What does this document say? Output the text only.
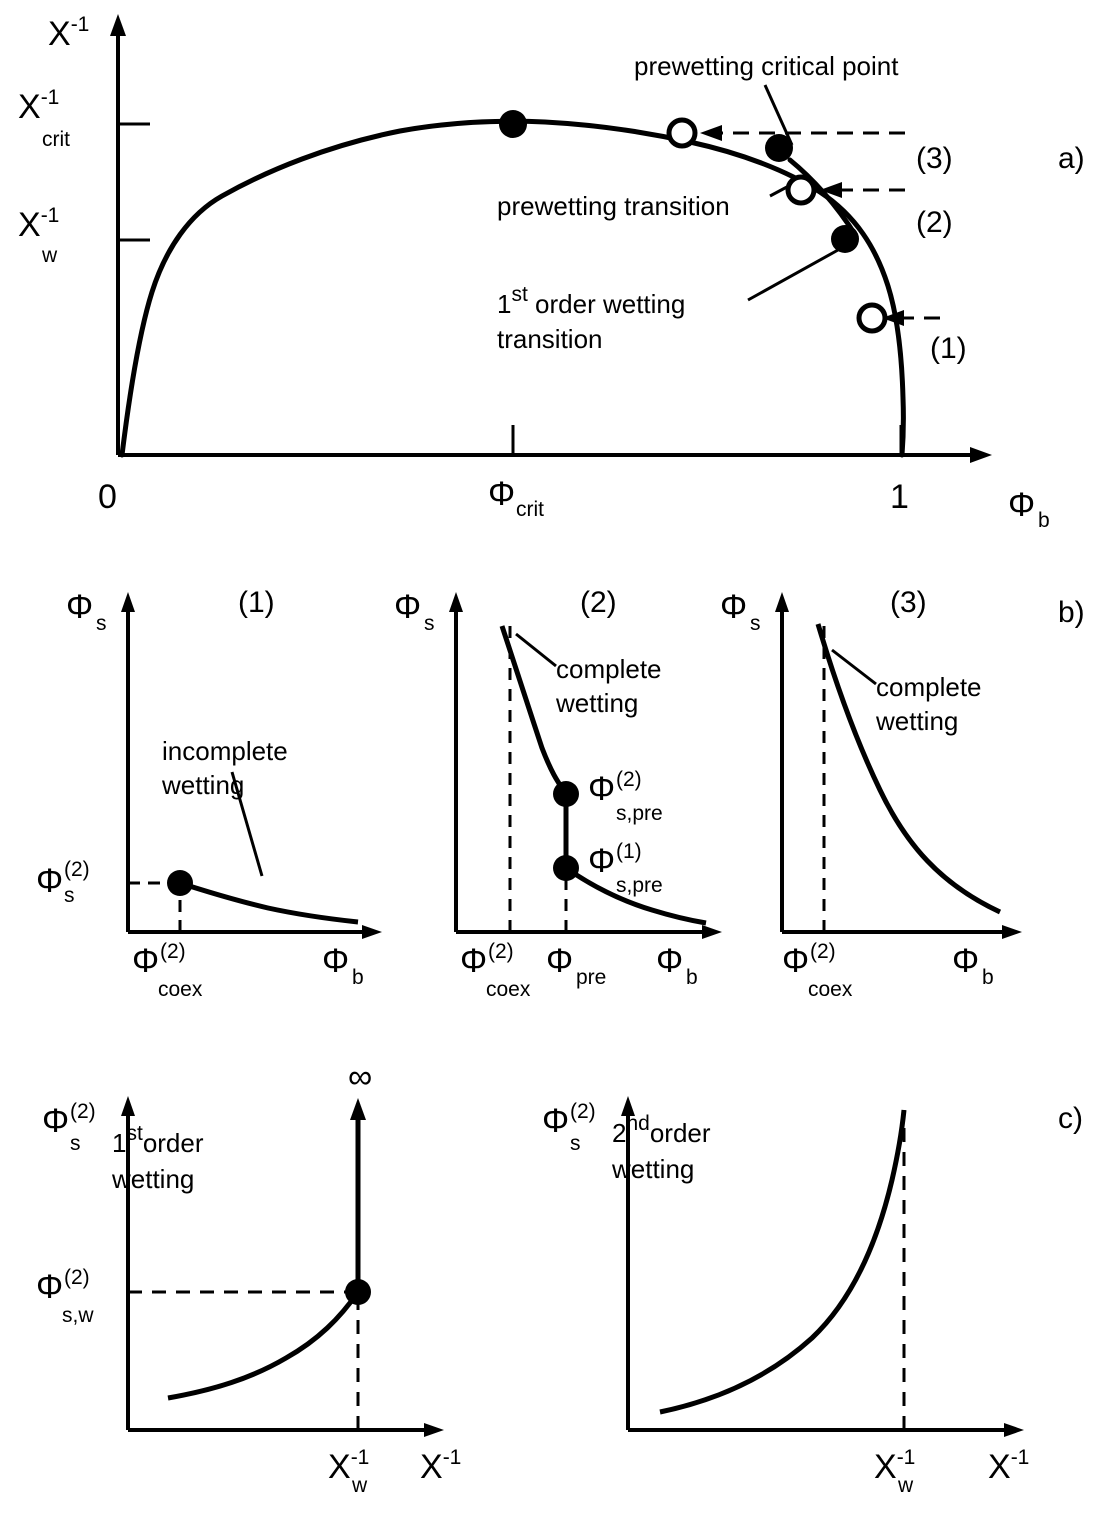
$X^{-1}$
$X^{-1}$
crit
$X^{-1}$
w
0	Φ crit	1	Φ b
prewetting critical point
prewetting transition
1st order wetting
transition
(3)
(2)
(1)
a)
Φ s
(1)
incomplete
wetting
Φ (2)
s
Φ (2)
coex
Φ b
Φ s
(2)
complete
wetting
Φ (2)
s,pre
Φ (1)
s,pre
Φ (2)
coex
Φ pre Φ b
Φ s
(3)
complete
wetting
Φ (2)
coex
Φ b
b)
∞
Φ (2)
s 1storder
wetting
Φ (2)
s,w
$X^{-1}$
w $X^{-1}$
Φ (2)
s 2ndorder
wetting
$X^{-1}$
w $X^{-1}$
c)
